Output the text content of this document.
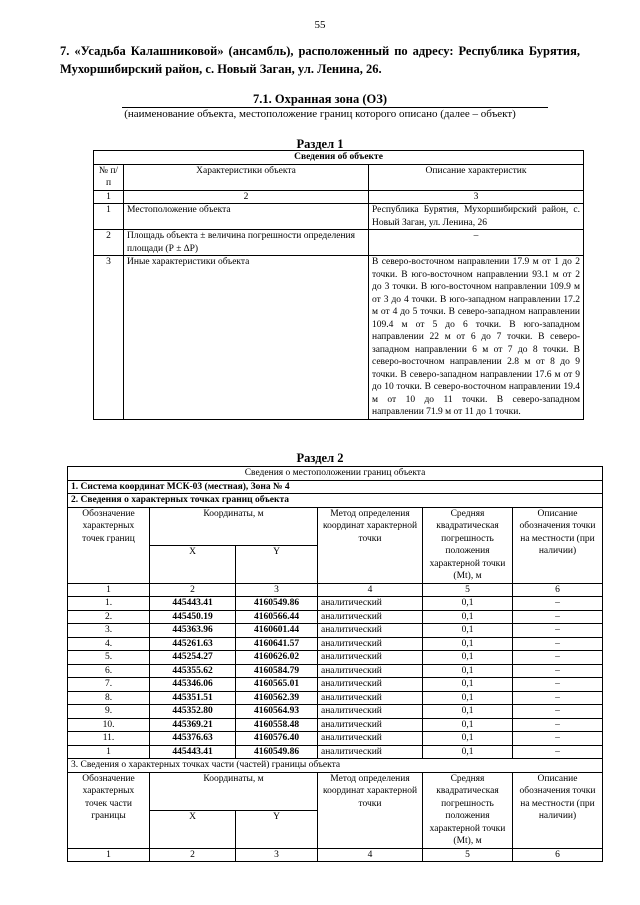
55
7. «Усадьба Калашниковой» (ансамбль), расположенный по адресу: Республика Бурятия, Мухоршибирский район, с. Новый Заган, ул. Ленина, 26.
7.1. Охранная зона (ОЗ)
(наименование объекта, местоположение границ которого описано (далее – объект)
Раздел 1
Сведения об объекте		
№ п/п	Характеристики объекта	Описание характеристик
1	2	3
1	Местоположение объекта	Республика Бурятия, Мухоршибирский район, с. Новый Заган, ул. Ленина, 26
2	Площадь объекта ± величина погрешности определения площади (Р ± ∆Р)	–
3	Иные характеристики объекта	В северо-восточном направлении 17.9 м от 1 до 2 точки. В юго-восточном направлении 93.1 м от 2 до 3 точки. В юго-восточном направлении 109.9 м от 3 до 4 точки. В юго-западном направлении 17.2 м от 4 до 5 точки. В северо-западном направлении 109.4 м от 5 до 6 точки. В юго-западном направлении 22 м от 6 до 7 точки. В северо-западном направлении 6 м от 7 до 8 точки. В северо-восточном направлении 2.8 м от 8 до 9 точки. В северо-западном направлении 17.6 м от 9 до 10 точки. В северо-восточном направлении 19.4 м от 10 до 11 точки. В северо-западном направлении 71.9 м от 11 до 1 точки.
Раздел 2
Сведения о местоположении границ объекта					
1. Система координат МСК-03 (местная), Зона № 4					
2. Сведения о характерных точках границ объекта					
Обозначение характерных точек границ	Координаты, м		Метод определения координат характерной точки	Средняя квадратическая погрешность положения характерной точки (Mt), м	Описание обозначения точки на местности (при наличии)
	X	Y			
1	2	3	4	5	6
1.	445443.41	4160549.86	аналитический	0,1	–
2.	445450.19	4160566.44	аналитический	0,1	–
3.	445363.96	4160601.44	аналитический	0,1	–
4.	445261.63	4160641.57	аналитический	0,1	–
5.	445254.27	4160626.02	аналитический	0,1	–
6.	445355.62	4160584.79	аналитический	0,1	–
7.	445346.06	4160565.01	аналитический	0,1	–
8.	445351.51	4160562.39	аналитический	0,1	–
9.	445352.80	4160564.93	аналитический	0,1	–
10.	445369.21	4160558.48	аналитический	0,1	–
11.	445376.63	4160576.40	аналитический	0,1	–
1	445443.41	4160549.86	аналитический	0,1	–
3. Сведения о характерных точках части (частей) границы объекта					
Обозначение характерных точек части границы	Координаты, м		Метод определения координат характерной точки	Средняя квадратическая погрешность положения характерной точки (Mt), м	Описание обозначения точки на местности (при наличии)
	X	Y			
1	2	3	4	5	6
